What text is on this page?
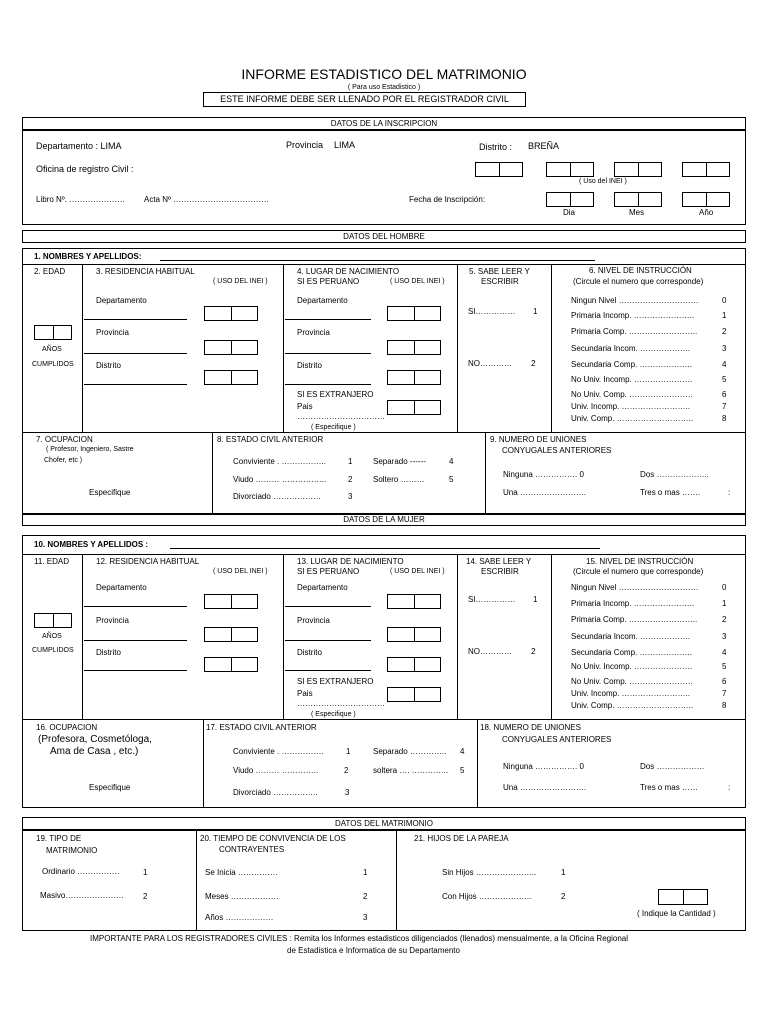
INFORME ESTADISTICO DEL MATRIMONIO
( Para uso Estadistico )
ESTE INFORME DEBE SER LLENADO POR EL REGISTRADOR CIVIL
DATOS DE LA INSCRIPCION
Departamento : LIMA	Provincia LIMA	Distrito : BREÑA
Oficina de registro Civil :
( Uso del INEI )
Libro Nº. ………………… Acta Nº ………………………………	Fecha de Inscripción:
Dia	Mes	Año
DATOS DEL HOMBRE
1. NOMBRES Y APELLIDOS:
2. EDAD
AÑOS
CUMPLIDOS
3. RESIDENCIA HABITUAL
( USO DEL INEI )
Departamento
Provincia
Distrito
4. LUGAR DE NACIMIENTO
SI ES PERUANO	( USO DEL INEI )
Departamento
Provincia
Distrito
SI ES EXTRANJERO
Pais
……………………………
( Especifique )
5. SABE LEER Y
ESCRIBIR
SI…………… 1
NO………… 2
6. NIVEL DE INSTRUCCIÓN
(Circule el numero que corresponde)
Ningun Nivel …………………………	0
Primaria Incomp. …………………..	1
Primaria Comp. ……………………..	2
Secundaria Incom. ……………….	3
Secundaria Comp. ………………..	4
No Univ. Incomp. ………………….	5
No Univ. Comp. ……………………	6
Univ. Incomp. ……………………..	7
Univ. Comp. ………………………..	8
7. OCUPACION
( Profesor, Ingeniero, Sastre
Chofer, etc )
Especifique
8. ESTADO CIVIL ANTERIOR
Conviviente . ……………..	1
Viudo ……… ……………..	2
Divorciado ………………	3
Separado ------	4
Soltero ………	5
9. NUMERO DE UNIONES
CONYUGALES ANTERIORES
Ninguna ……………. 0
Una …………………….
Dos ………………..
Tres o mas …….	:
DATOS DE LA MUJER
10. NOMBRES Y APELLIDOS :
11. EDAD
AÑOS
CUMPLIDOS
12. RESIDENCIA HABITUAL
( USO DEL INEI )
Departamento
Provincia
Distrito
13. LUGAR DE NACIMIENTO
SI ES PERUANO	( USO DEL INEI )
Departamento
Provincia
Distrito
SI ES EXTRANJERO
Pais
……………………………
( Especifique )
14. SABE LEER Y
ESCRIBIR
SI…………… 1
NO………… 2
15. NIVEL DE INSTRUCCIÓN
(Circule el numero que corresponde)
Ningun Nivel …………………………	0
Primaria Incomp. …………………..	1
Primaria Comp. ……………………..	2
Secundaria Incom. ……………….	3
Secundaria Comp. ………………..	4
No Univ. Incomp. ………………….	5
No Univ. Comp. ……………………	6
Univ. Incomp. ……………………..	7
Univ. Comp. ………………………..	8
16. OCUPACION
(Profesora, Cosmetóloga,
Ama de Casa , etc.)
Especifique
17. ESTADO CIVIL ANTERIOR
Conviviente . …………….	1
Viudo ……… …………..	2
Divorciado ……………..	3
Separado ………….. 4
soltera …. ………….. 5
18. NUMERO DE UNIONES
CONYUGALES ANTERIORES
Ninguna ……………. 0
Una …………………….
Dos ………………
Tres o mas ……	:
DATOS DEL MATRIMONIO
19. TIPO DE
MATRIMONIO
Ordinario …………….	1
Masivo…………………. 2
20. TIEMPO DE CONVIVENCIA DE LOS
CONTRAYENTES
Se Inicia ……………	1
Meses ………………	2
Años ………………	3
21. HIJOS DE LA PAREJA
Sin Hijos …………………..	1
Con Hijos ………………..	2
( Indique la Cantidad )
IMPORTANTE PARA LOS REGISTRADORES CIVILES : Remita los Informes estadisticos diligenciados (llenados) mensualmente, a la Oficina Regional
de Estadistica e Informatica de su Departamento
